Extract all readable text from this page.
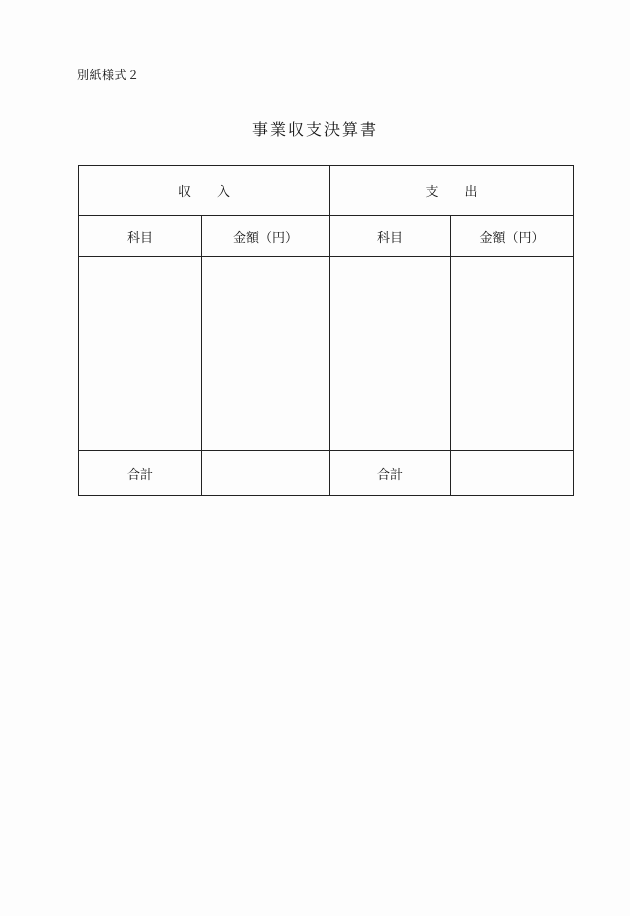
別紙様式２
事業収支決算書
収 入		支 出	
科目	金額（円）	科目	金額（円）

合計		合計	
